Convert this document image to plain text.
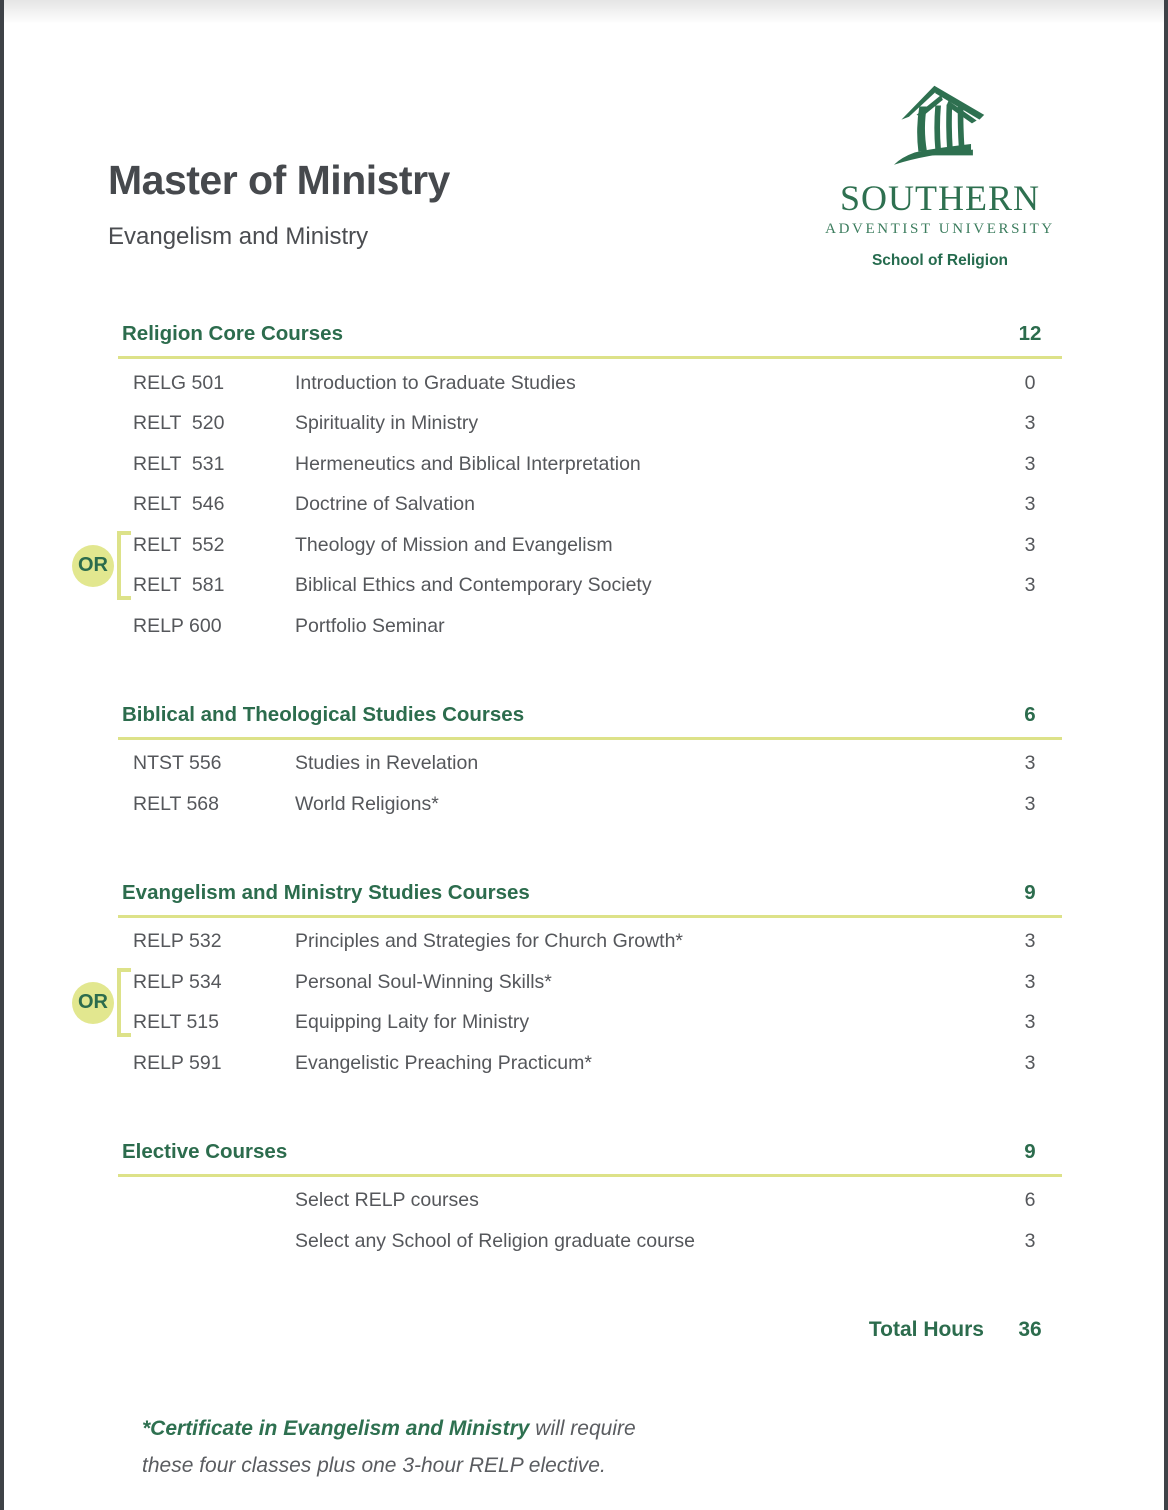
Master of Ministry
Evangelism and Ministry
SOUTHERN
ADVENTIST UNIVERSITY
School of Religion
Religion Core Courses	12
RELG 501	Introduction to Graduate Studies	0
RELT  520	Spirituality in Ministry	3
RELT  531	Hermeneutics and Biblical Interpretation	3
RELT  546	Doctrine of Salvation	3
OR
RELT  552	Theology of Mission and Evangelism	3
RELT  581	Biblical Ethics and Contemporary Society	3
RELP 600	Portfolio Seminar
Biblical and Theological Studies Courses	6
NTST 556	Studies in Revelation	3
RELT 568	World Religions*	3
Evangelism and Ministry Studies Courses	9
RELP 532	Principles and Strategies for Church Growth*	3
OR
RELP 534	Personal Soul-Winning Skills*	3
RELT 515	Equipping Laity for Ministry	3
RELP 591	Evangelistic Preaching Practicum*	3
Elective Courses	9
Select RELP courses	6
Select any School of Religion graduate course	3
Total Hours	36
*Certificate in Evangelism and Ministry will require
these four classes plus one 3-hour RELP elective.
